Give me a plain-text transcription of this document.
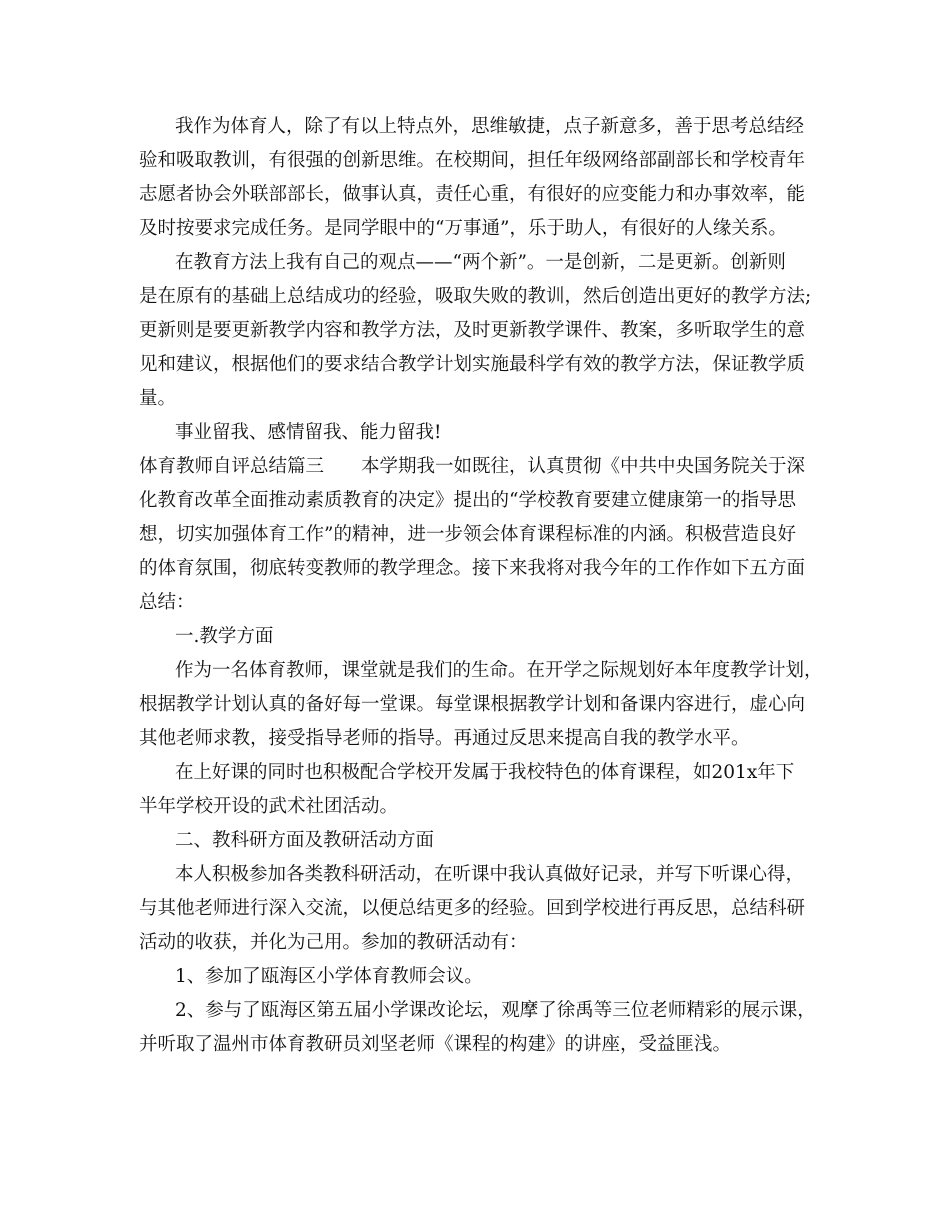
我作为体育人，除了有以上特点外，思维敏捷，点子新意多，善于思考总结经
验和吸取教训，有很强的创新思维。在校期间，担任年级网络部副部长和学校青年
志愿者协会外联部部长，做事认真，责任心重，有很好的应变能力和办事效率，能
及时按要求完成任务。是同学眼中的“万事通”，乐于助人，有很好的人缘关系。
在教育方法上我有自己的观点——“两个新”。一是创新，二是更新。创新则
是在原有的基础上总结成功的经验，吸取失败的教训，然后创造出更好的教学方法;
更新则是要更新教学内容和教学方法，及时更新教学课件、教案，多听取学生的意
见和建议，根据他们的要求结合教学计划实施最科学有效的教学方法，保证教学质
量。
事业留我、感情留我、能力留我!
体育教师自评总结篇三　　本学期我一如既往，认真贯彻《中共中央国务院关于深
化教育改革全面推动素质教育的决定》提出的“学校教育要建立健康第一的指导思
想，切实加强体育工作”的精神，进一步领会体育课程标准的内涵。积极营造良好
的体育氛围，彻底转变教师的教学理念。接下来我将对我今年的工作作如下五方面
总结：
一.教学方面
作为一名体育教师，课堂就是我们的生命。在开学之际规划好本年度教学计划，
根据教学计划认真的备好每一堂课。每堂课根据教学计划和备课内容进行，虚心向
其他老师求教，接受指导老师的指导。再通过反思来提高自我的教学水平。
在上好课的同时也积极配合学校开发属于我校特色的体育课程，如201x年下
半年学校开设的武术社团活动。
二、教科研方面及教研活动方面
本人积极参加各类教科研活动，在听课中我认真做好记录，并写下听课心得，
与其他老师进行深入交流，以便总结更多的经验。回到学校进行再反思，总结科研
活动的收获，并化为己用。参加的教研活动有：
1、参加了瓯海区小学体育教师会议。
2、参与了瓯海区第五届小学课改论坛，观摩了徐禹等三位老师精彩的展示课，
并听取了温州市体育教研员刘坚老师《课程的构建》的讲座，受益匪浅。
